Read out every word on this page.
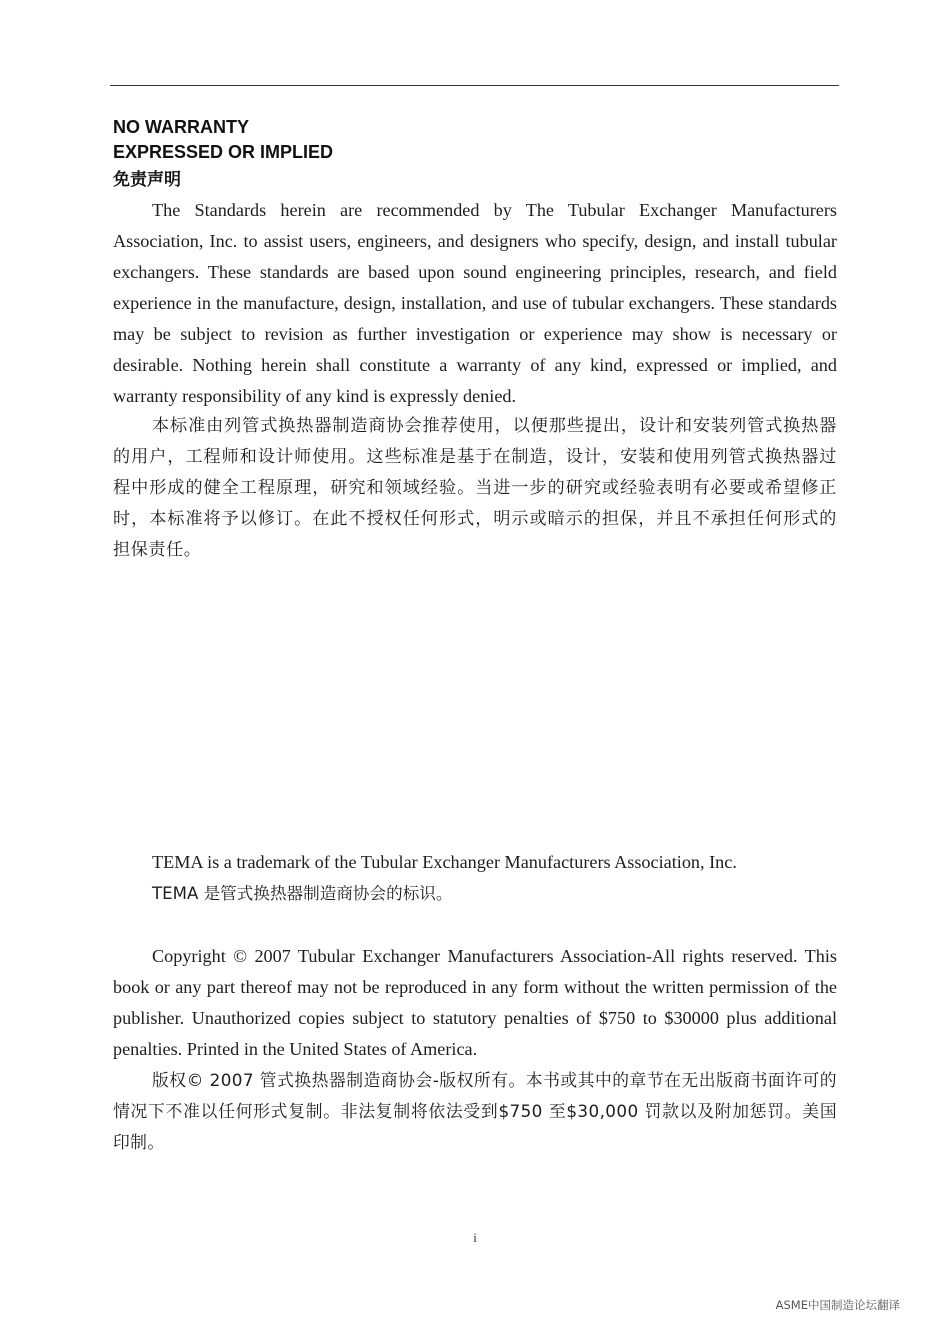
NO WARRANTY
EXPRESSED OR IMPLIED
免责声明

The Standards herein are recommended by The Tubular Exchanger Manufacturers Association, Inc. to assist users, engineers, and designers who specify, design, and install tubular exchangers. These standards are based upon sound engineering principles, research, and field experience in the manufacture, design, installation, and use of tubular exchangers. These standards may be subject to revision as further investigation or experience may show is necessary or desirable. Nothing herein shall constitute a warranty of any kind, expressed or implied, and warranty responsibility of any kind is expressly denied.

本标准由列管式换热器制造商协会推荐使用，以便那些提出，设计和安装列管式换热器的用户，工程师和设计师使用。这些标准是基于在制造，设计，安装和使用列管式换热器过程中形成的健全工程原理，研究和领域经验。当进一步的研究或经验表明有必要或希望修正时，本标准将予以修订。在此不授权任何形式，明示或暗示的担保，并且不承担任何形式的担保责任。

TEMA is a trademark of the Tubular Exchanger Manufacturers Association, Inc.
TEMA 是管式换热器制造商协会的标识。

Copyright © 2007 Tubular Exchanger Manufacturers Association-All rights reserved. This book or any part thereof may not be reproduced in any form without the written permission of the publisher. Unauthorized copies subject to statutory penalties of $750 to $30000 plus additional penalties. Printed in the United States of America.

版权© 2007 管式换热器制造商协会-版权所有。本书或其中的章节在无出版商书面许可的情况下不准以任何形式复制。非法复制将依法受到$750 至$30,000 罚款以及附加惩罚。美国印制。

i
ASME中国制造论坛翻译
